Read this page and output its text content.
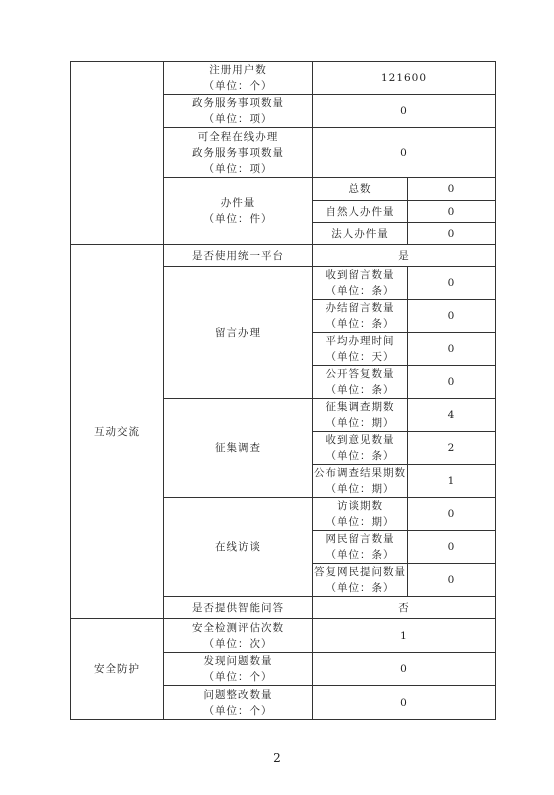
	注册用户数
（单位：个）	121600	

	政务服务事项数量
（单位：项）	0	

	可全程在线办理
政务服务事项数量
（单位：项）	0	

	办件量
（单位：件）	总数	0
		自然人办件量	0
		法人办件量	0

互动交流	是否使用统一平台	是	
	留言办理	收到留言数量
（单位：条）	0

		办结留言数量
（单位：条）	0

		平均办理时间
（单位：天）	0

		公开答复数量
（单位：条）	0
	征集调查	征集调查期数
（单位：期）	4

		收到意见数量
（单位：条）	2

		公布调查结果期数
（单位：期）	1
	在线访谈	访谈期数
（单位：期）	0

		网民留言数量
（单位：条）	0

		答复网民提问数量
（单位：条）	0
	是否提供智能问答	否	
安全防护	安全检测评估次数
（单位：次）	1	

	发现问题数量
（单位：个）	0	

	问题整改数量
（单位：个）	0	
2
